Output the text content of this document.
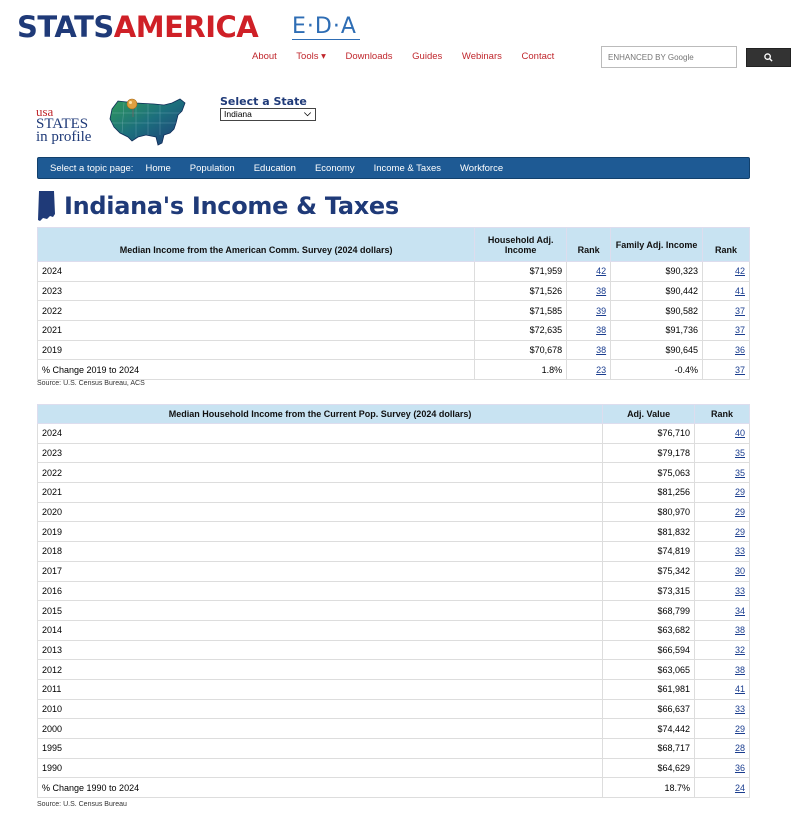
STATSAMERICA E·D·A
About Tools ▾ Downloads Guides Webinars Contact
ENHANCED BY Google
usa
STATES
in profile
Select a State
Indiana	⌵
Select a topic page: Home Population Education Economy Income & Taxes Workforce
Indiana's Income & Taxes
Median Income from the American Comm. Survey (2024 dollars)	Household Adj. Income	Rank	Family Adj. Income	Rank
2024	$71,959	42	$90,323	42
2023	$71,526	38	$90,442	41
2022	$71,585	39	$90,582	37
2021	$72,635	38	$91,736	37
2019	$70,678	38	$90,645	36
% Change 2019 to 2024	1.8%	23	-0.4%	37
Source: U.S. Census Bureau, ACS
Median Household Income from the Current Pop. Survey (2024 dollars)	Adj. Value	Rank
2024	$76,710	40
2023	$79,178	35
2022	$75,063	35
2021	$81,256	29
2020	$80,970	29
2019	$81,832	29
2018	$74,819	33
2017	$75,342	30
2016	$73,315	33
2015	$68,799	34
2014	$63,682	38
2013	$66,594	32
2012	$63,065	38
2011	$61,981	41
2010	$66,637	33
2000	$74,442	29
1995	$68,717	28
1990	$64,629	36
% Change 1990 to 2024	18.7%	24
Source: U.S. Census Bureau
